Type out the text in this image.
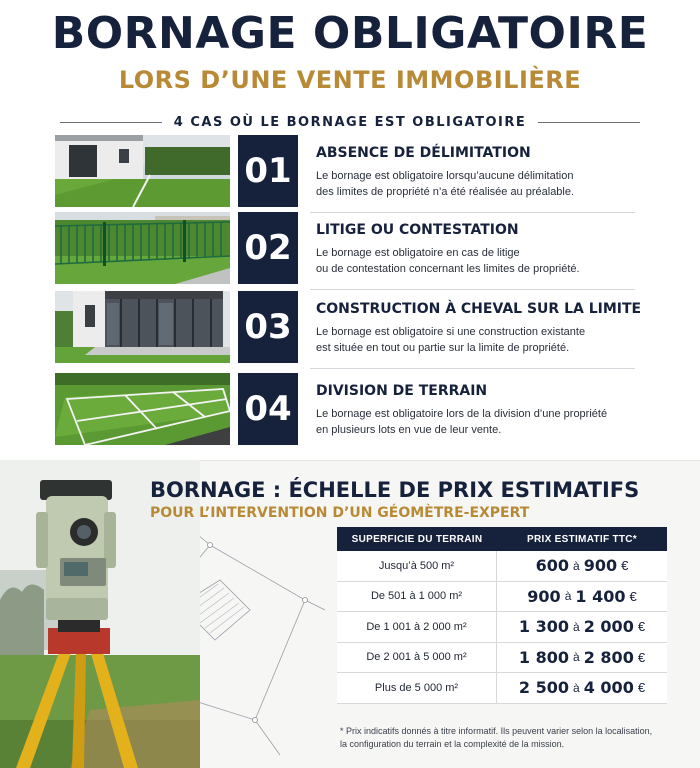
BORNAGE OBLIGATOIRE
LORS D’UNE VENTE IMMOBILIÈRE
4 CAS OÙ LE BORNAGE EST OBLIGATOIRE
01	ABSENCE DE DÉLIMITATION
Le bornage est obligatoire lorsqu’aucune délimitation
des limites de propriété n’a été réalisée au préalable.
02	LITIGE OU CONTESTATION
Le bornage est obligatoire en cas de litige
ou de contestation concernant les limites de propriété.
03	CONSTRUCTION À CHEVAL SUR LA LIMITE
Le bornage est obligatoire si une construction existante
est située en tout ou partie sur la limite de propriété.
04	DIVISION DE TERRAIN
Le bornage est obligatoire lors de la division d’une propriété
en plusieurs lots en vue de leur vente.
BORNAGE : ÉCHELLE DE PRIX ESTIMATIFS
POUR L’INTERVENTION D’UN GÉOMÈTRE-EXPERT
SUPERFICIE DU TERRAIN	PRIX ESTIMATIF TTC*
Jusqu’à 500 m²	600 à 900 €
De 501 à 1 000 m²	900 à 1 400 €
De 1 001 à 2 000 m²	1 300 à 2 000 €
De 2 001 à 5 000 m²	1 800 à 2 800 €
Plus de 5 000 m²	2 500 à 4 000 €
* Prix indicatifs donnés à titre informatif. Ils peuvent varier selon la localisation,
la configuration du terrain et la complexité de la mission.
